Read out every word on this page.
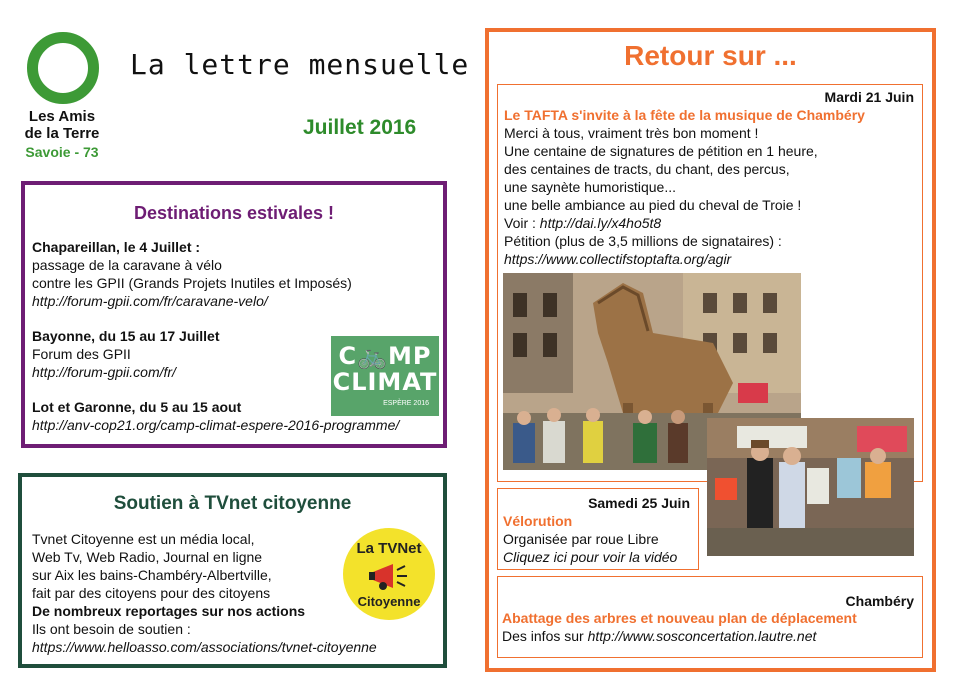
Les Amis
de la Terre
Savoie - 73
La lettre mensuelle
Juillet 2016
Destinations estivales !
Chapareillan, le 4 Juillet :
passage de la caravane à vélo
contre les GPII (Grands Projets Inutiles et Imposés)
http://forum-gpii.com/fr/caravane-velo/
Bayonne, du 15 au 17 Juillet
Forum des GPII
http://forum-gpii.com/fr/
Lot et Garonne, du 5 au 15 aout
http://anv-cop21.org/camp-climat-espere-2016-programme/
C🚲MP
CLIMAT
ESPÈRE 2016
Soutien à TVnet citoyenne
Tvnet Citoyenne est un média local,
Web Tv, Web Radio, Journal en ligne
sur Aix les bains-Chambéry-Albertville,
fait par des citoyens pour des citoyens
De nombreux reportages sur nos actions
Ils ont besoin de soutien :
https://www.helloasso.com/associations/tvnet-citoyenne
La TVNet
Citoyenne
Retour sur ...
Mardi 21 Juin
Le TAFTA s'invite à la fête de la musique de Chambéry
Merci à tous, vraiment très bon moment !
Une centaine de signatures de pétition en 1 heure,
des centaines de tracts, du chant, des percus,
une saynète humoristique...
une belle ambiance au pied du cheval de Troie !
Voir : http://dai.ly/x4ho5t8
Pétition (plus de 3,5 millions de signataires) :
https://www.collectifstoptafta.org/agir
Samedi 25 Juin
Vélorution
Organisée par roue Libre
Cliquez ici pour voir la vidéo
Chambéry
Abattage des arbres et nouveau plan de déplacement
Des infos sur http://www.sosconcertation.lautre.net
